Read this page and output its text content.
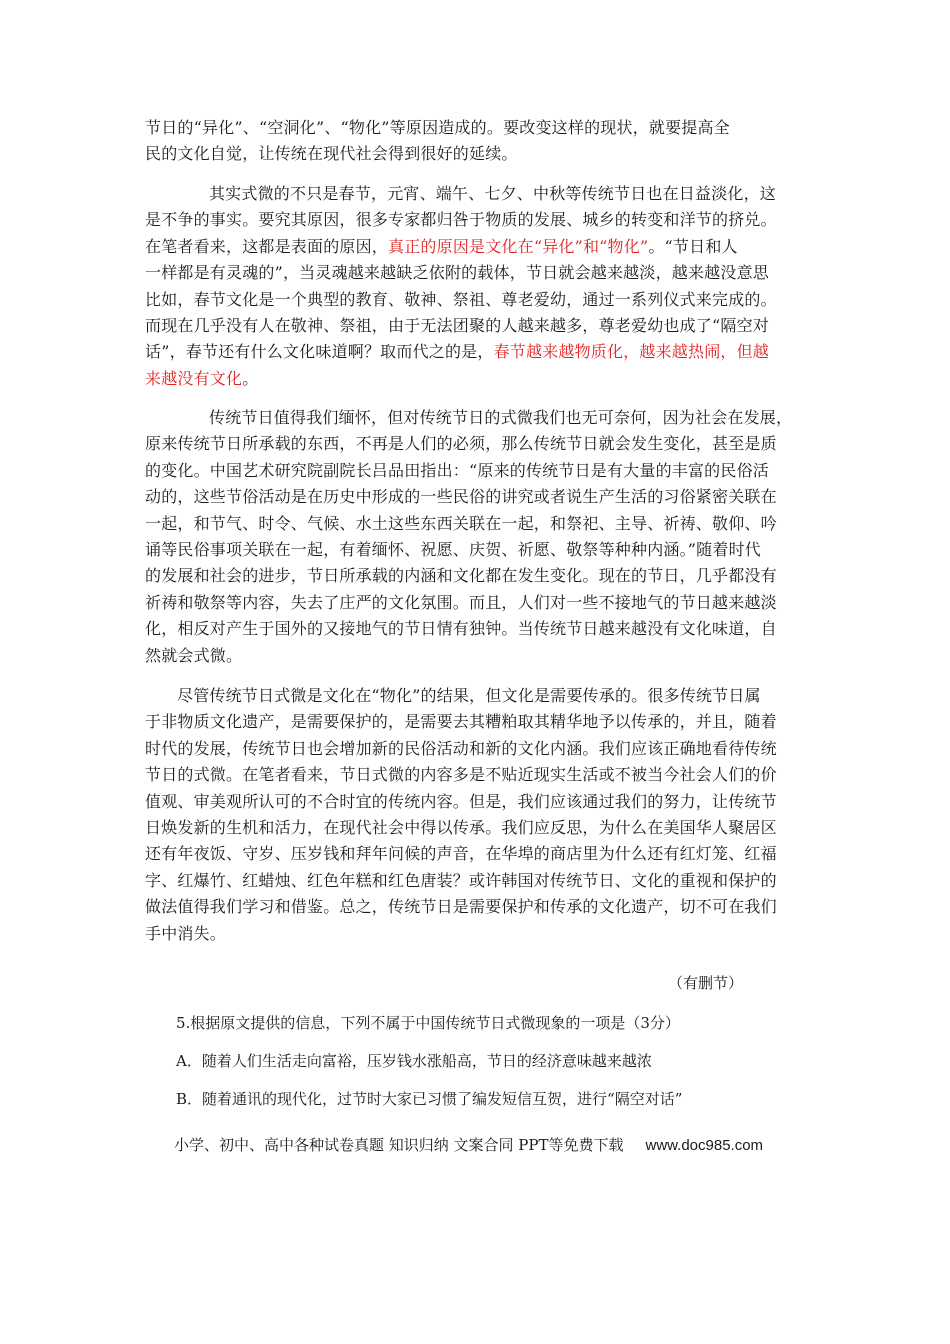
节日的“异化”、“空洞化”、“物化”等原因造成的。要改变这样的现状，就要提高全
民的文化自觉，让传统在现代社会得到很好的延续。
其实式微的不只是春节，元宵、端午、七夕、中秋等传统节日也在日益淡化，这
是不争的事实。要究其原因，很多专家都归咎于物质的发展、城乡的转变和洋节的挤兑。
在笔者看来，这都是表面的原因，真正的原因是文化在“异化”和“物化”。“节日和人
一样都是有灵魂的”，当灵魂越来越缺乏依附的载体，节日就会越来越淡，越来越没意思
比如，春节文化是一个典型的教育、敬神、祭祖、尊老爱幼，通过一系列仪式来完成的。
而现在几乎没有人在敬神、祭祖，由于无法团聚的人越来越多，尊老爱幼也成了“隔空对
话”，春节还有什么文化味道啊？取而代之的是，春节越来越物质化，越来越热闹，但越
来越没有文化。
传统节日值得我们缅怀，但对传统节日的式微我们也无可奈何，因为社会在发展，
原来传统节日所承载的东西，不再是人们的必须，那么传统节日就会发生变化，甚至是质
的变化。中国艺术研究院副院长吕品田指出：“原来的传统节日是有大量的丰富的民俗活
动的，这些节俗活动是在历史中形成的一些民俗的讲究或者说生产生活的习俗紧密关联在
一起，和节气、时令、气候、水土这些东西关联在一起，和祭祀、主导、祈祷、敬仰、吟
诵等民俗事项关联在一起，有着缅怀、祝愿、庆贺、祈愿、敬祭等种种内涵。”随着时代
的发展和社会的进步，节日所承载的内涵和文化都在发生变化。现在的节日，几乎都没有
祈祷和敬祭等内容，失去了庄严的文化氛围。而且，人们对一些不接地气的节日越来越淡
化，相反对产生于国外的又接地气的节日情有独钟。当传统节日越来越没有文化味道，自
然就会式微。
尽管传统节日式微是文化在“物化”的结果，但文化是需要传承的。很多传统节日属
于非物质文化遗产，是需要保护的，是需要去其糟粕取其精华地予以传承的，并且，随着
时代的发展，传统节日也会增加新的民俗活动和新的文化内涵。我们应该正确地看待传统
节日的式微。在笔者看来，节日式微的内容多是不贴近现实生活或不被当今社会人们的价
值观、审美观所认可的不合时宜的传统内容。但是，我们应该通过我们的努力，让传统节
日焕发新的生机和活力，在现代社会中得以传承。我们应反思，为什么在美国华人聚居区
还有年夜饭、守岁、压岁钱和拜年问候的声音，在华埠的商店里为什么还有红灯笼、红福
字、红爆竹、红蜡烛、红色年糕和红色唐装？或许韩国对传统节日、文化的重视和保护的
做法值得我们学习和借鉴。总之，传统节日是需要保护和传承的文化遗产，切不可在我们
手中消失。
（有删节）
5.根据原文提供的信息，下列不属于中国传统节日式微现象的一项是（3分）
A．随着人们生活走向富裕，压岁钱水涨船高，节日的经济意味越来越浓
B．随着通讯的现代化，过节时大家已习惯了编发短信互贺，进行“隔空对话”
小学、初中、高中各种试卷真题 知识归纳 文案合同 PPT等免费下载 www.doc985.com
